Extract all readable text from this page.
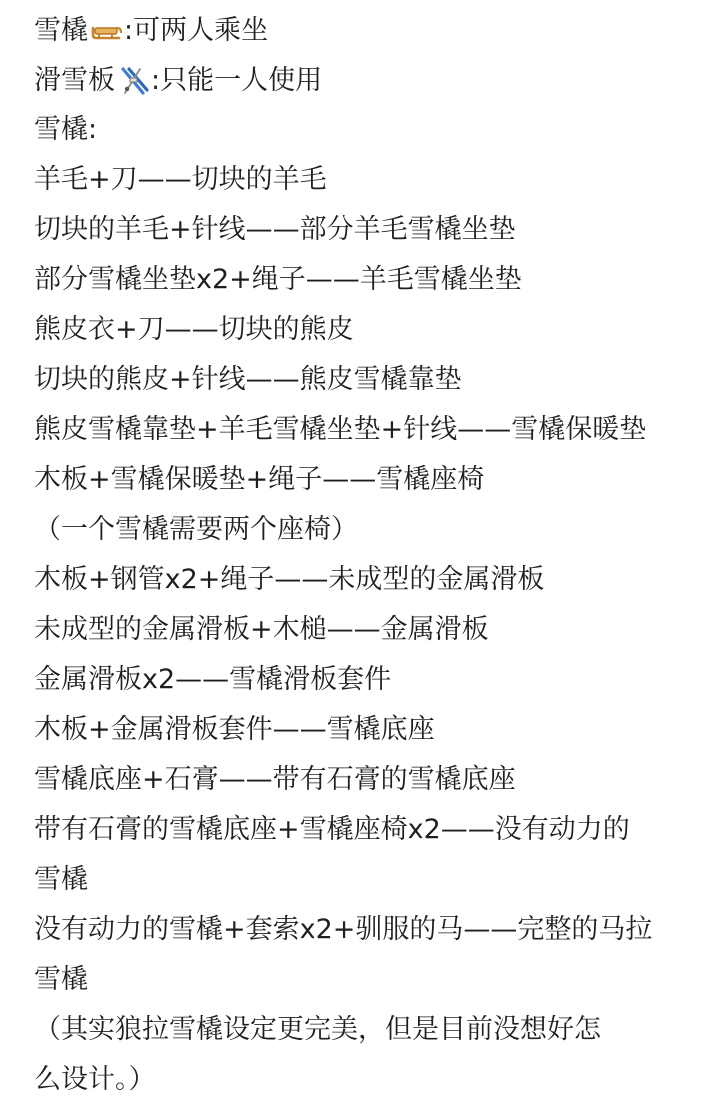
雪橇 :可两人乘坐
滑雪板 :只能一人使用
雪橇:
羊毛+刀——切块的羊毛
切块的羊毛+针线——部分羊毛雪橇坐垫
部分雪橇坐垫x2+绳子——羊毛雪橇坐垫
熊皮衣+刀——切块的熊皮
切块的熊皮+针线——熊皮雪橇靠垫
熊皮雪橇靠垫+羊毛雪橇坐垫+针线——雪橇保暖垫
木板+雪橇保暖垫+绳子——雪橇座椅
（一个雪橇需要两个座椅）
木板+钢管x2+绳子——未成型的金属滑板
未成型的金属滑板+木槌——金属滑板
金属滑板x2——雪橇滑板套件
木板+金属滑板套件——雪橇底座
雪橇底座+石膏——带有石膏的雪橇底座
带有石膏的雪橇底座+雪橇座椅x2——没有动力的
雪橇
没有动力的雪橇+套索x2+驯服的马——完整的马拉
雪橇
（其实狼拉雪橇设定更完美，但是目前没想好怎
么设计。）
